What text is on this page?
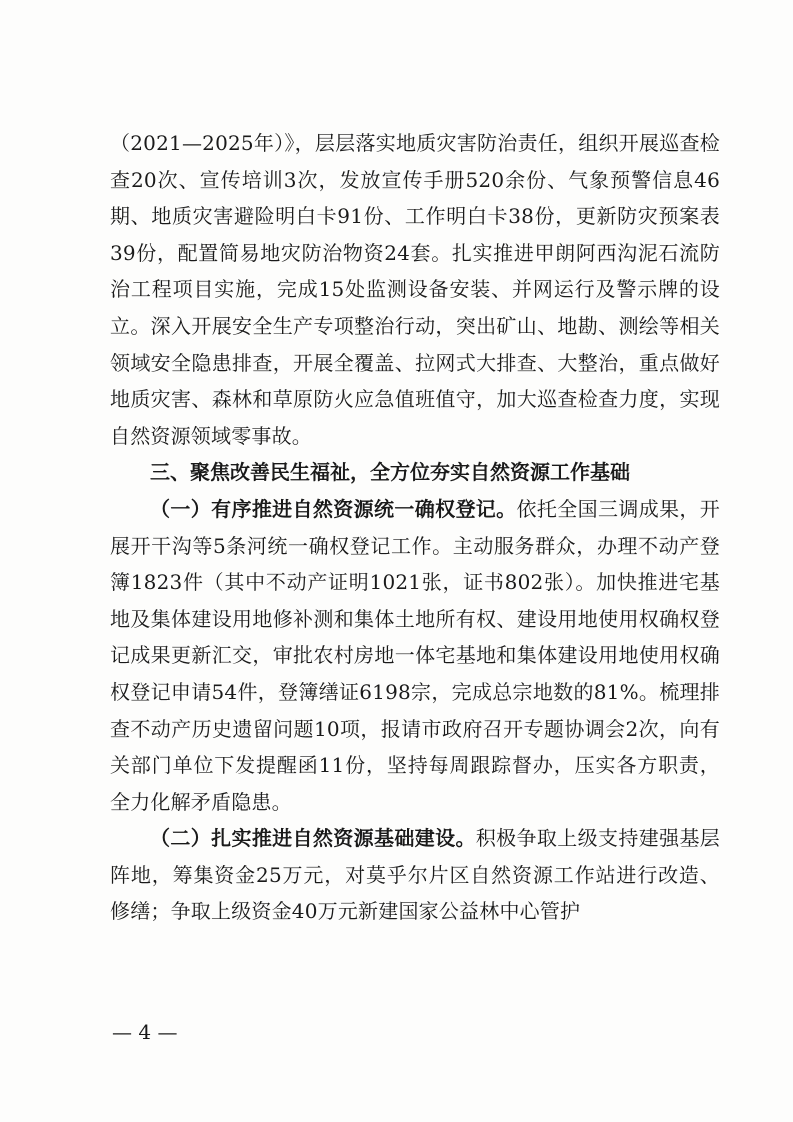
（2021—2025年）》，层层落实地质灾害防治责任，组织开展巡查检查20次、宣传培训3次，发放宣传手册520余份、气象预警信息46期、地质灾害避险明白卡91份、工作明白卡38份，更新防灾预案表39份，配置简易地灾防治物资24套。扎实推进甲朗阿西沟泥石流防治工程项目实施，完成15处监测设备安装、并网运行及警示牌的设立。深入开展安全生产专项整治行动，突出矿山、地勘、测绘等相关领域安全隐患排查，开展全覆盖、拉网式大排查、大整治，重点做好地质灾害、森林和草原防火应急值班值守，加大巡查检查力度，实现自然资源领域零事故。

三、聚焦改善民生福祉，全方位夯实自然资源工作基础

（一）有序推进自然资源统一确权登记。依托全国三调成果，开展开干沟等5条河统一确权登记工作。主动服务群众，办理不动产登簿1823件（其中不动产证明1021张，证书802张）。加快推进宅基地及集体建设用地修补测和集体土地所有权、建设用地使用权确权登记成果更新汇交，审批农村房地一体宅基地和集体建设用地使用权确权登记申请54件，登簿缮证6198宗，完成总宗地数的81%。梳理排查不动产历史遗留问题10项，报请市政府召开专题协调会2次，向有关部门单位下发提醒函11份，坚持每周跟踪督办，压实各方职责，全力化解矛盾隐患。

（二）扎实推进自然资源基础建设。积极争取上级支持建强基层阵地，筹集资金25万元，对莫乎尔片区自然资源工作站进行改造、修缮；争取上级资金40万元新建国家公益林中心管护

— 4 —
